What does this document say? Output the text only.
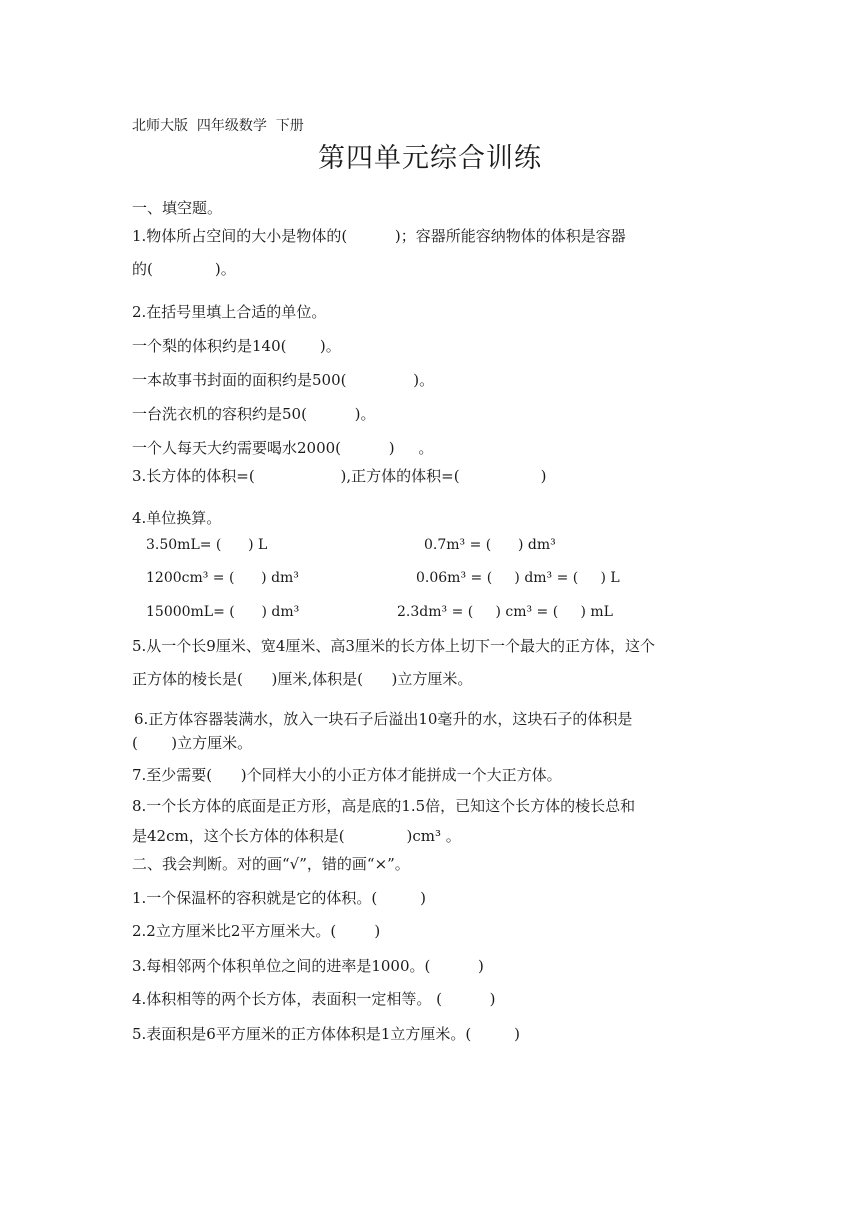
北师大版  四年级数学  下册
第四单元综合训练
一、填空题。
1.物体所占空间的大小是物体的(          )；容器所能容纳物体的体积是容器
的(             )。
2.在括号里填上合适的单位。
一个梨的体积约是140(       )。
一本故事书封面的面积约是500(              )。
一台洗衣机的容积约是50(          )。
一个人每天大约需要喝水2000(          )     。
3.长方体的体积=(                  ),正方体的体积=(                 )
4.单位换算。
3.50mL= (      ) L	0.7m³ = (      ) dm³
1200cm³ = (      ) dm³	0.06m³ = (     ) dm³ = (     ) L
15000mL= (      ) dm³	2.3dm³ = (     ) cm³ = (     ) mL
5.从一个长9厘米、宽4厘米、高3厘米的长方体上切下一个最大的正方体，这个
正方体的棱长是(      )厘米,体积是(      )立方厘米。
6.正方体容器装满水，放入一块石子后溢出10毫升的水，这块石子的体积是
(       )立方厘米。
7.至少需要(      )个同样大小的小正方体才能拼成一个大正方体。
8.一个长方体的底面是正方形，高是底的1.5倍，已知这个长方体的棱长总和
是42cm，这个长方体的体积是(             )cm³ 。
二、我会判断。对的画“√”，错的画“×”。
1.一个保温杯的容积就是它的体积。(         )
2.2立方厘米比2平方厘米大。(        )
3.每相邻两个体积单位之间的进率是1000。(          )
4.体积相等的两个长方体，表面积一定相等。 (          )
5.表面积是6平方厘米的正方体体积是1立方厘米。(         )
